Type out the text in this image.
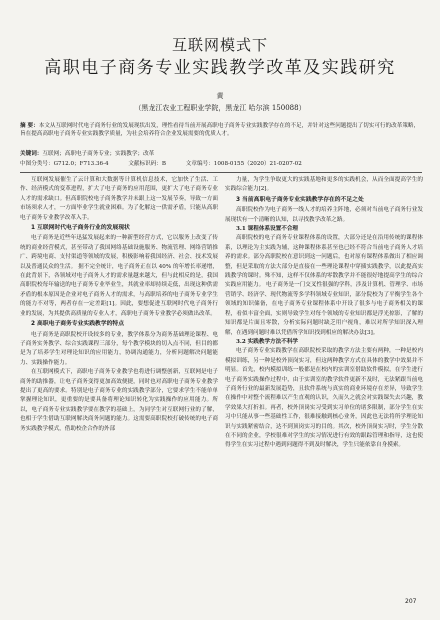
互联网模式下
高职电子商务专业实践教学改革及实践研究
黄
（黑龙江农业工程职业学院，黑龙江 哈尔滨 150088）
摘 要：本文从互联网时代电子商务行业的发展现状出发，理性看待当前开展高职电子商务专业实践教学存在的不足，并针对这些问题提出了切实可行的改革策略，旨在提高高职电子商务专业实践教学质量，为社会培养符合企业发展需要的优质人才。
关键词：互联网；高职电子商务专业；实践教学；改革
中图分类号：G712.0；F713.36-4	文献标识码：B	文章编号：1008-0155（2020）21-0207-02

互联网发展催生了云计算和大数据等计算机信息技术，它加快了生活、工作、经济模式的变革进程，扩大了电子商务的应用范围，更扩大了电子商务专业人才的需求缺口。但高职院校电子商务教学并未跟上这一发展节奏，导致一方面市场须求人才，一方面毕业学生就业困难。为了化解这一供需矛盾，只能从高职电子商务专业教学改革入手。

1 互联网时代电子商务行业的发展现状

电子商务是近些年迅猛发展起来的一种新型经营方式，它以服务上改变了传统的商业经营模式，甚至带动了我国网络基础设施服务、物流管理、网络营销推广、跨境电商、支付渠道等领域的发展，积极影响着我国经济、社会、技术发展以及普通民众的生活。 据不完全统计，电子商务正在以 40% 的年增长率递增，在此背景下，各领域对电子商务人才的需求量越来越大，但与此相反的是，我国高职院校每年输送的电子商务专业毕业生，其就业率却持续走低，出现这种供需矛盾的根本原因是企业对电子商务人才的需求，与高职培养的电子商务专业学生的能力不对等，两者存在一定差距[1]。因此，要想促进互联网时代电子商务行业的发展，为其提供高质量的专业人才，高职电子商务专业教学必须做出改革。

2 高职电子商务专业实践教学的特点

电子商务是高职院校开设较多的专业，教学体系分为商务基础理论课程、电子商务实务教学、综合实践课程三部分，每个教学模块的切入点不同，但目的都是为了培养学生对理论知识的应用能力，协调沟通能力，分析问题解决问题能力、实践操作能力。

在互联网模式下，高职电子商务专业教学也将进行调整创新，互联网是电子商务的助推器，让电子商务变得更加高效便捷，同时也对高职电子商务专业教学提出了更高的要求。特别是电子商务专业的实践教学部分，它要求学生不能单单掌握理论知识，更重要的是要具备将理论知识转化为实践操作的应用能力。所以，电子商务专业实践教学要在教学的基础上，为同学生对互联网行业的了解，也相于学生借助互联网解决商务问题的能力。这需要高职院校打破传统的电子商务实践教学模式，借助校企合作的外部

力量，为学生争取更大的实践基地和更多的实践机会，从而全面提高学生的实践综合能力[2]。

3 当前高职电子商务专业实践教学存在的不足之处

高职院校作为电子商务一线人才的培养主阵地，必须对当前电子商务行业发展现状有一个清晰的认知，以寻找教学改革之路。

3.1 课程体系设置不合理

高职院校的电子商务专业课程体系的设置，大部分还是在沿用传统的课程体系，以理论为主实践为辅，这种课程体系甚至也已经不符合当前电子商务人才培养的需求。部分高职院校在意识到这一问题后，也对原有课程体系做出了相应调整，但是采取的方法大部分是直接在一些理论课程中穿插实践教学，以此提高实践教学的课时。殊不知，这样不仅体系的零散教学并不能很好地提高学生的综合实践应用能力。 电子商务是一门交叉性很强的学科，涉及计算机、管理学、市场营销学、经济学、现代物流等多学科领域专业知识，部分院校为了平衡学生各个领域的知识储备，在电子商务专业课程体系中开设了很多与电子商务相关的课程，看似丰富全面，实则导致学生对每个领域的专业知识都是浮光掠影，了解的知识都是片面且零散，分析实际问题时缺乏用户视角，难以对所学知识深入理解，在遇到问题时难以凭借所学知识找到相应的解决办法[3]。

3.2 实践教学方法不科学

电子商务专业实践教学在高职院校采取的教学方法主要有两种，一种是校内模拟训练，另一种是校外顶岗实习，但这两种教学方式在具体的教学中效果并不明显。首先，校内模拟训练一般都是在校内的实训室借助软件模拟，在学生进行电子商务实践操作过程中，由于实训室的教学软件更新不及时，无法紧跟当前电子商务行业的最新发展趋势，且软件系统与真实的商业环境存在差异，导致学生在操作中对整个流程难以产生直观的认识，久而久之就会对实践课失去兴趣，教学效果大打折扣。再者，校外顶岗实习受到实习单位的诸多限制，部分学生在实习中只能从事一些基础性工作，很难接触到核心业务，因此也无法将所学理论知识与实践紧密结合，达不到顶岗实习的目的。其次，校外顶岗实习时，学生分散在不同的企业，学校很难对学生的实习情况进行有效的跟踪管理和指导，这也使得学生在实习过程中遇到问题得不到及时解决，学生只能依靠自身摸索。

207
